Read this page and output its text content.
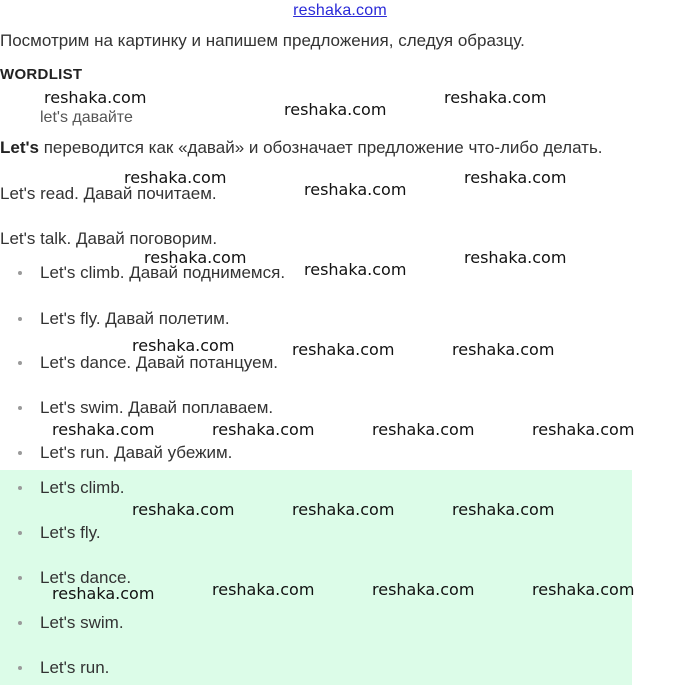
reshaka.com
Посмотрим на картинку и напишем предложения, следуя образцу.
WORDLIST
let's давайте
Let's переводится как «давай» и обозначает предложение что-либо делать.
Let's read. Давай почитаем.
Let's talk. Давай поговорим.
Let's climb. Давай поднимемся.
Let's fly. Давай полетим.
Let's dance. Давай потанцуем.
Let's swim. Давай поплаваем.
Let's run. Давай убежим.
Let's climb.
Let's fly.
Let's dance.
Let's swim.
Let's run.
reshaka.com
reshaka.com
reshaka.com
reshaka.com
reshaka.com
reshaka.com
reshaka.com
reshaka.com
reshaka.com
reshaka.com	reshaka.com	reshaka.com
reshaka.com	reshaka.com	reshaka.com	reshaka.com
reshaka.com	reshaka.com	reshaka.com
reshaka.com	reshaka.com	reshaka.com	reshaka.com
